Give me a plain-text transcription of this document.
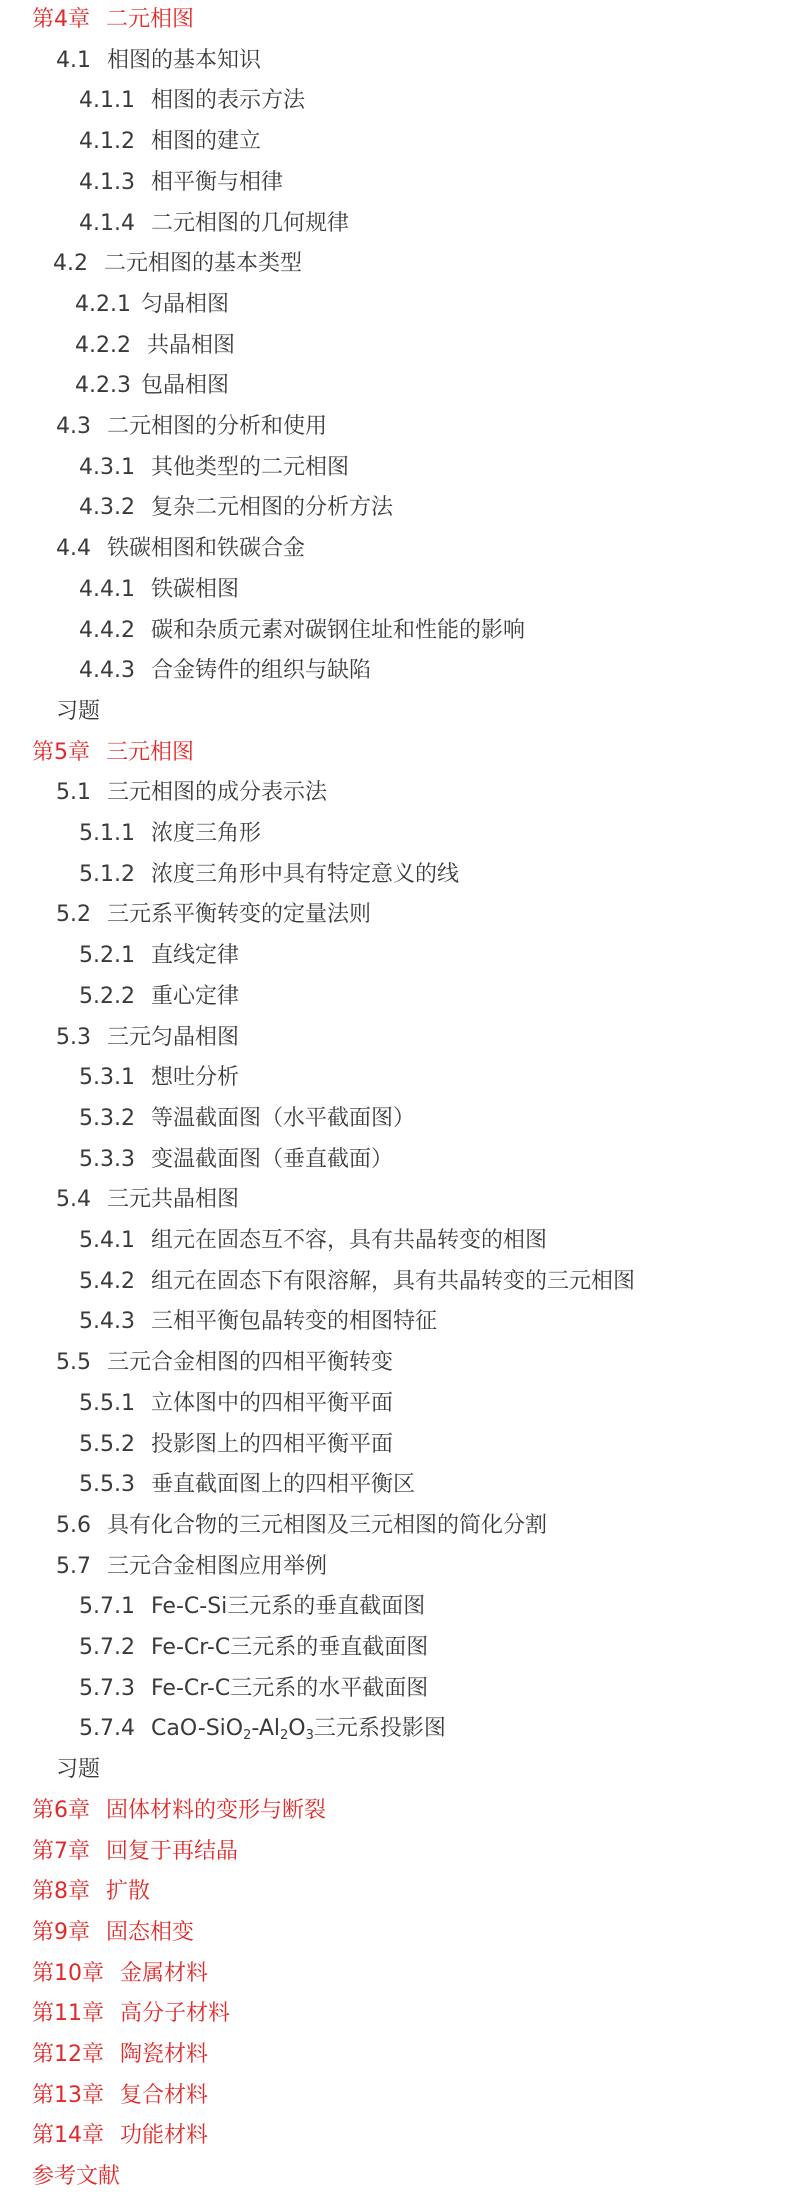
第4章 二元相图
4.1 相图的基本知识
4.1.1 相图的表示方法
4.1.2 相图的建立
4.1.3 相平衡与相律
4.1.4 二元相图的几何规律
4.2 二元相图的基本类型
4.2.1 匀晶相图
4.2.2 共晶相图
4.2.3 包晶相图
4.3 二元相图的分析和使用
4.3.1 其他类型的二元相图
4.3.2 复杂二元相图的分析方法
4.4 铁碳相图和铁碳合金
4.4.1 铁碳相图
4.4.2 碳和杂质元素对碳钢住址和性能的影响
4.4.3 合金铸件的组织与缺陷
习题
第5章 三元相图
5.1 三元相图的成分表示法
5.1.1 浓度三角形
5.1.2 浓度三角形中具有特定意义的线
5.2 三元系平衡转变的定量法则
5.2.1 直线定律
5.2.2 重心定律
5.3 三元匀晶相图
5.3.1 想吐分析
5.3.2 等温截面图（水平截面图）
5.3.3 变温截面图（垂直截面）
5.4 三元共晶相图
5.4.1 组元在固态互不容，具有共晶转变的相图
5.4.2 组元在固态下有限溶解，具有共晶转变的三元相图
5.4.3 三相平衡包晶转变的相图特征
5.5 三元合金相图的四相平衡转变
5.5.1 立体图中的四相平衡平面
5.5.2 投影图上的四相平衡平面
5.5.3 垂直截面图上的四相平衡区
5.6 具有化合物的三元相图及三元相图的简化分割
5.7 三元合金相图应用举例
5.7.1 Fe-C-Si三元系的垂直截面图
5.7.2 Fe-Cr-C三元系的垂直截面图
5.7.3 Fe-Cr-C三元系的水平截面图
5.7.4 CaO-$SiO_2-Al_2O_3$三元系投影图
习题
第6章 固体材料的变形与断裂
第7章 回复于再结晶
第8章 扩散
第9章 固态相变
第10章 金属材料
第11章 高分子材料
第12章 陶瓷材料
第13章 复合材料
第14章 功能材料
参考文献
